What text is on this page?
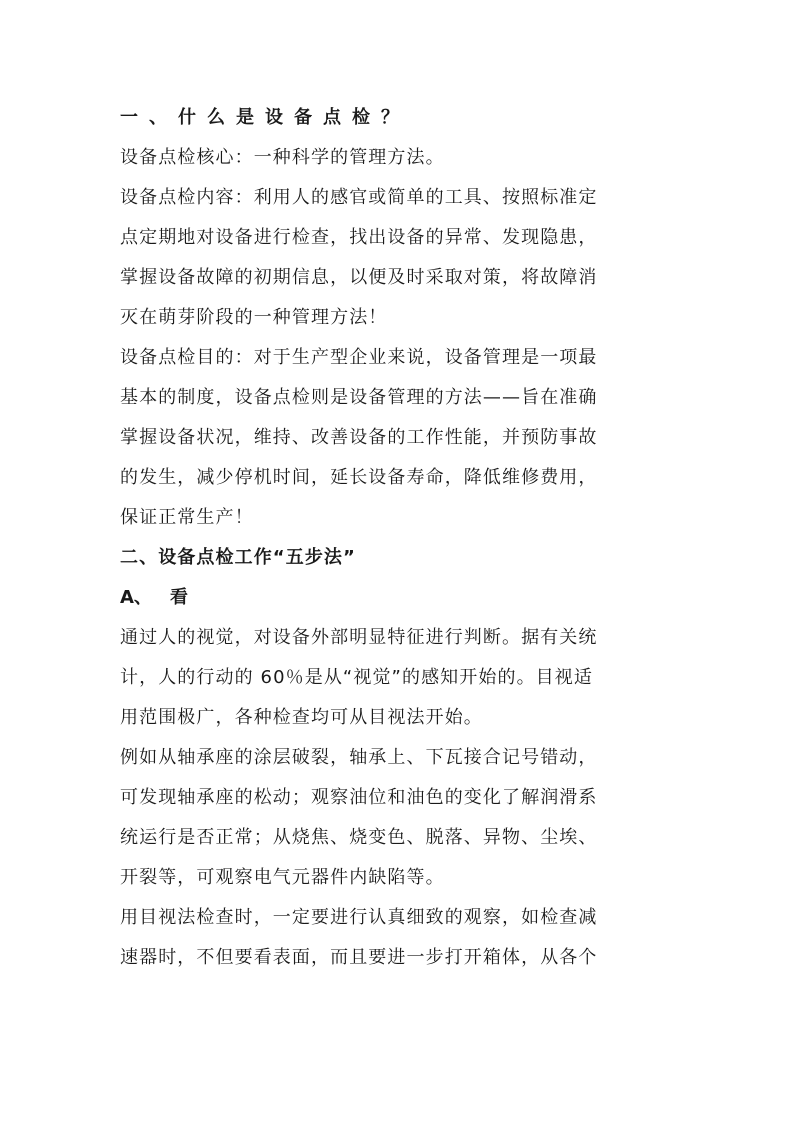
一、什么是设备点检？
设备点检核心：一种科学的管理方法。
设备点检内容：利用人的感官或简单的工具、按照标准定
点定期地对设备进行检查，找出设备的异常、发现隐患，
掌握设备故障的初期信息，以便及时采取对策，将故障消
灭在萌芽阶段的一种管理方法！
设备点检目的：对于生产型企业来说，设备管理是一项最
基本的制度，设备点检则是设备管理的方法——旨在准确
掌握设备状况，维持、改善设备的工作性能，并预防事故
的发生，减少停机时间，延长设备寿命，降低维修费用，
保证正常生产！
二、设备点检工作“五步法”
A、 看
通过人的视觉，对设备外部明显特征进行判断。据有关统
计，人的行动的 60％是从“视觉”的感知开始的。目视适
用范围极广，各种检查均可从目视法开始。
例如从轴承座的涂层破裂，轴承上、下瓦接合记号错动，
可发现轴承座的松动；观察油位和油色的变化了解润滑系
统运行是否正常；从烧焦、烧变色、脱落、异物、尘埃、
开裂等，可观察电气元器件内缺陷等。
用目视法检查时，一定要进行认真细致的观察，如检查减
速器时，不但要看表面，而且要进一步打开箱体，从各个
